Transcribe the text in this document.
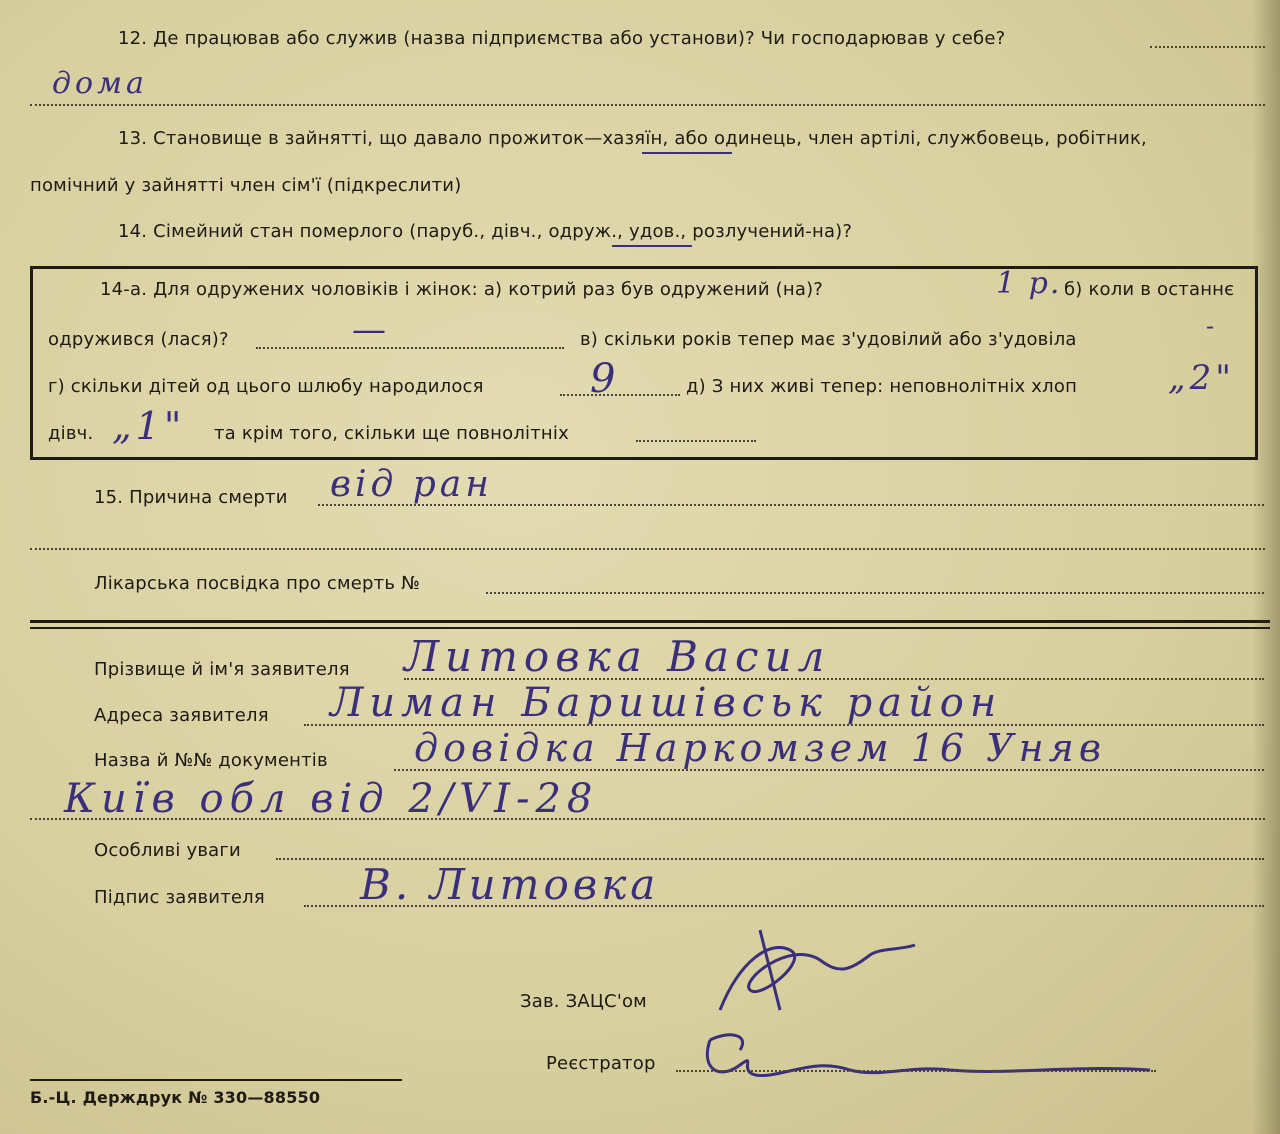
12. Де працював або служив (назва підприємства або установи)? Чи господарював у себе?
дома
13. Становище в зайнятті, що давало прожиток—хазяїн, або одинець, член артілі, службовець, робітник,
помічний у зайнятті член сім'ї (підкреслити)
14. Сімейний стан померлого (паруб., дівч., одруж., удов., розлучений-на)?
14-а. Для одружених чоловіків і жінок: а) котрий раз був одружений (на)?	1 р. б) коли в останнє
одружився (лася)?	—	в) скільки років тепер має з'удовілий або з'удовіла	-
г) скільки дітей од цього шлюбу народилося	9	д) З них живі тепер: неповнолітніх хлоп	„2"
дівч. „1" та крім того, скільки ще повнолітніх
15. Причина смерти від ран
Лікарська посвідка про смерть №
Прізвище й ім'я заявителя Литовка Васил
Адреса заявителя Лиман Баришівськ район
Назва й №№ документів довідка Наркомзем 16 Уняв
Київ обл від 2/VI-28
Особливі уваги
Підпис заявителя В. Литовка
Зав. ЗАЦС'ом
Реєстратор
Б.-Ц. Держдрук № 330—88550
